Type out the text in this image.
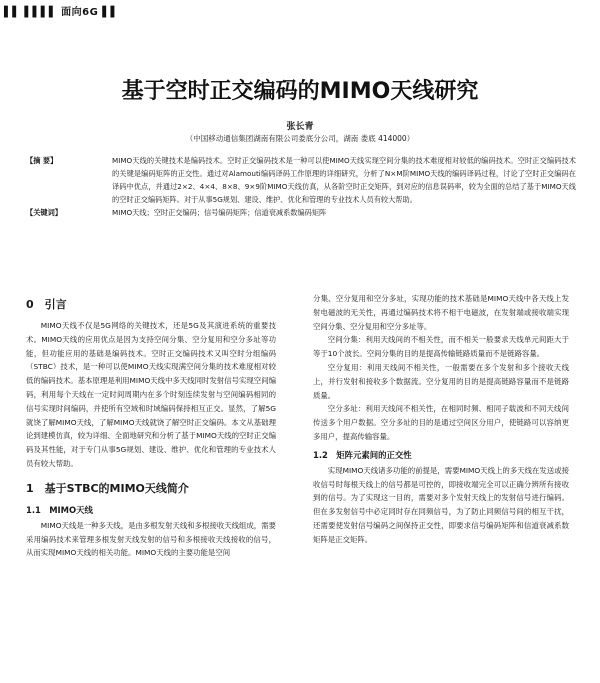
▌▌ ▌▌▌▌ 面向6G ▌▌
基于空时正交编码的MIMO天线研究
张长青
（中国移动通信集团湖南有限公司娄底分公司，湖南 娄底 414000）
【摘 要】	MIMO天线的关键技术是编码技术。空时正交编码技术是一种可以使MIMO天线实现空间分集的技术难度相对较低的编码技术。空时正交编码技术的关键是编码矩阵的正交性。通过对Alamouti编码译码工作原理的详细研究，分析了N×M阶MIMO天线的编码译码过程，讨论了空时正交编码在译码中优点，并通过2×2、4×4、8×8、9×9阶MIMO天线仿真，从各阶空时正交矩阵，到对应的信息误码率，较为全面的总结了基于MIMO天线的空时正交编码矩阵。对于从事5G规划、建设、维护、优化和管理的专业技术人员有较大帮助。
【关键词】	MIMO天线；空时正交编码；信号编码矩阵；信道衰减系数编码矩阵
0　引言

MIMO天线不仅是5G网络的关键技术，还是5G及其演进系统的重要技术。MIMO天线的应用优点是因为支持空间分集、空分复用和空分多址等功能，但功能应用的基础是编码技术。空时正交编码技术又叫空时分组编码（STBC）技术，是一种可以使MIMO天线实现满空间分集的技术难度相对较低的编码技术。基本原理是利用MIMO天线中多天线同时发射信号实现空间编码，利用每个天线在一定时间周期内在多个时刻连续发射与空间编码相同的信号实现时间编码，并使所有空域和时域编码保持相互正交。显然，了解5G就饶了解MIMO天线，了解MIMO天线就饶了解空时正交编码。本文从基础理论到建模仿真，较为详细、全面地研究和分析了基于MIMO天线的空时正交编码及其性能，对于专门从事5G规划、建设、维护、优化和管理的专业技术人员有较大帮助。

1　基于STBC的MIMO天线简介
1.1　MIMO天线

MIMO天线是一种多天线，是由多根发射天线和多根接收天线组成，需要采用编码技术来管理多根发射天线发射的信号和多根接收天线接收的信号，从而实现MIMO天线的相关功能。MIMO天线的主要功能是空间

分集、空分复用和空分多址，实现功能的技术基础是MIMO天线中各天线上发射电磁波的无关性，再通过编码技术将不相干电磁波，在发射端或接收端实现空间分集、空分复用和空分多址等。

空间分集：利用天线间的不相关性，而不相关一般要求天线单元间距大于等于10个波长。空间分集的目的是提高传输链路质量而不是链路容量。

空分复用：利用天线间不相关性，一般需要在多个发射和多个接收天线上，并行发射和接收多个数据流。空分复用的目的是提高链路容量而不是链路质量。

空分多址：利用天线间不相关性，在相同时频、相同子载波和不同天线间传送多个用户数据。空分多址的目的是通过空间区分用户，使链路可以容纳更多用户，提高传输容量。

1.2　矩阵元素间的正交性

实现MIMO天线诸多功能的前提是，需要MIMO天线上的多天线在发送或接收信号时每根天线上的信号都是可控的，即接收端完全可以正确分辨所有接收到的信号。为了实现这一目的，需要对多个发射天线上的发射信号进行编码。但在多发射信号中必定同时存在同频信号，为了防止同频信号间的相互干扰，还需要使发射信号编码之间保持正交性，即要求信号编码矩阵和信道衰减系数矩阵是正交矩阵。
